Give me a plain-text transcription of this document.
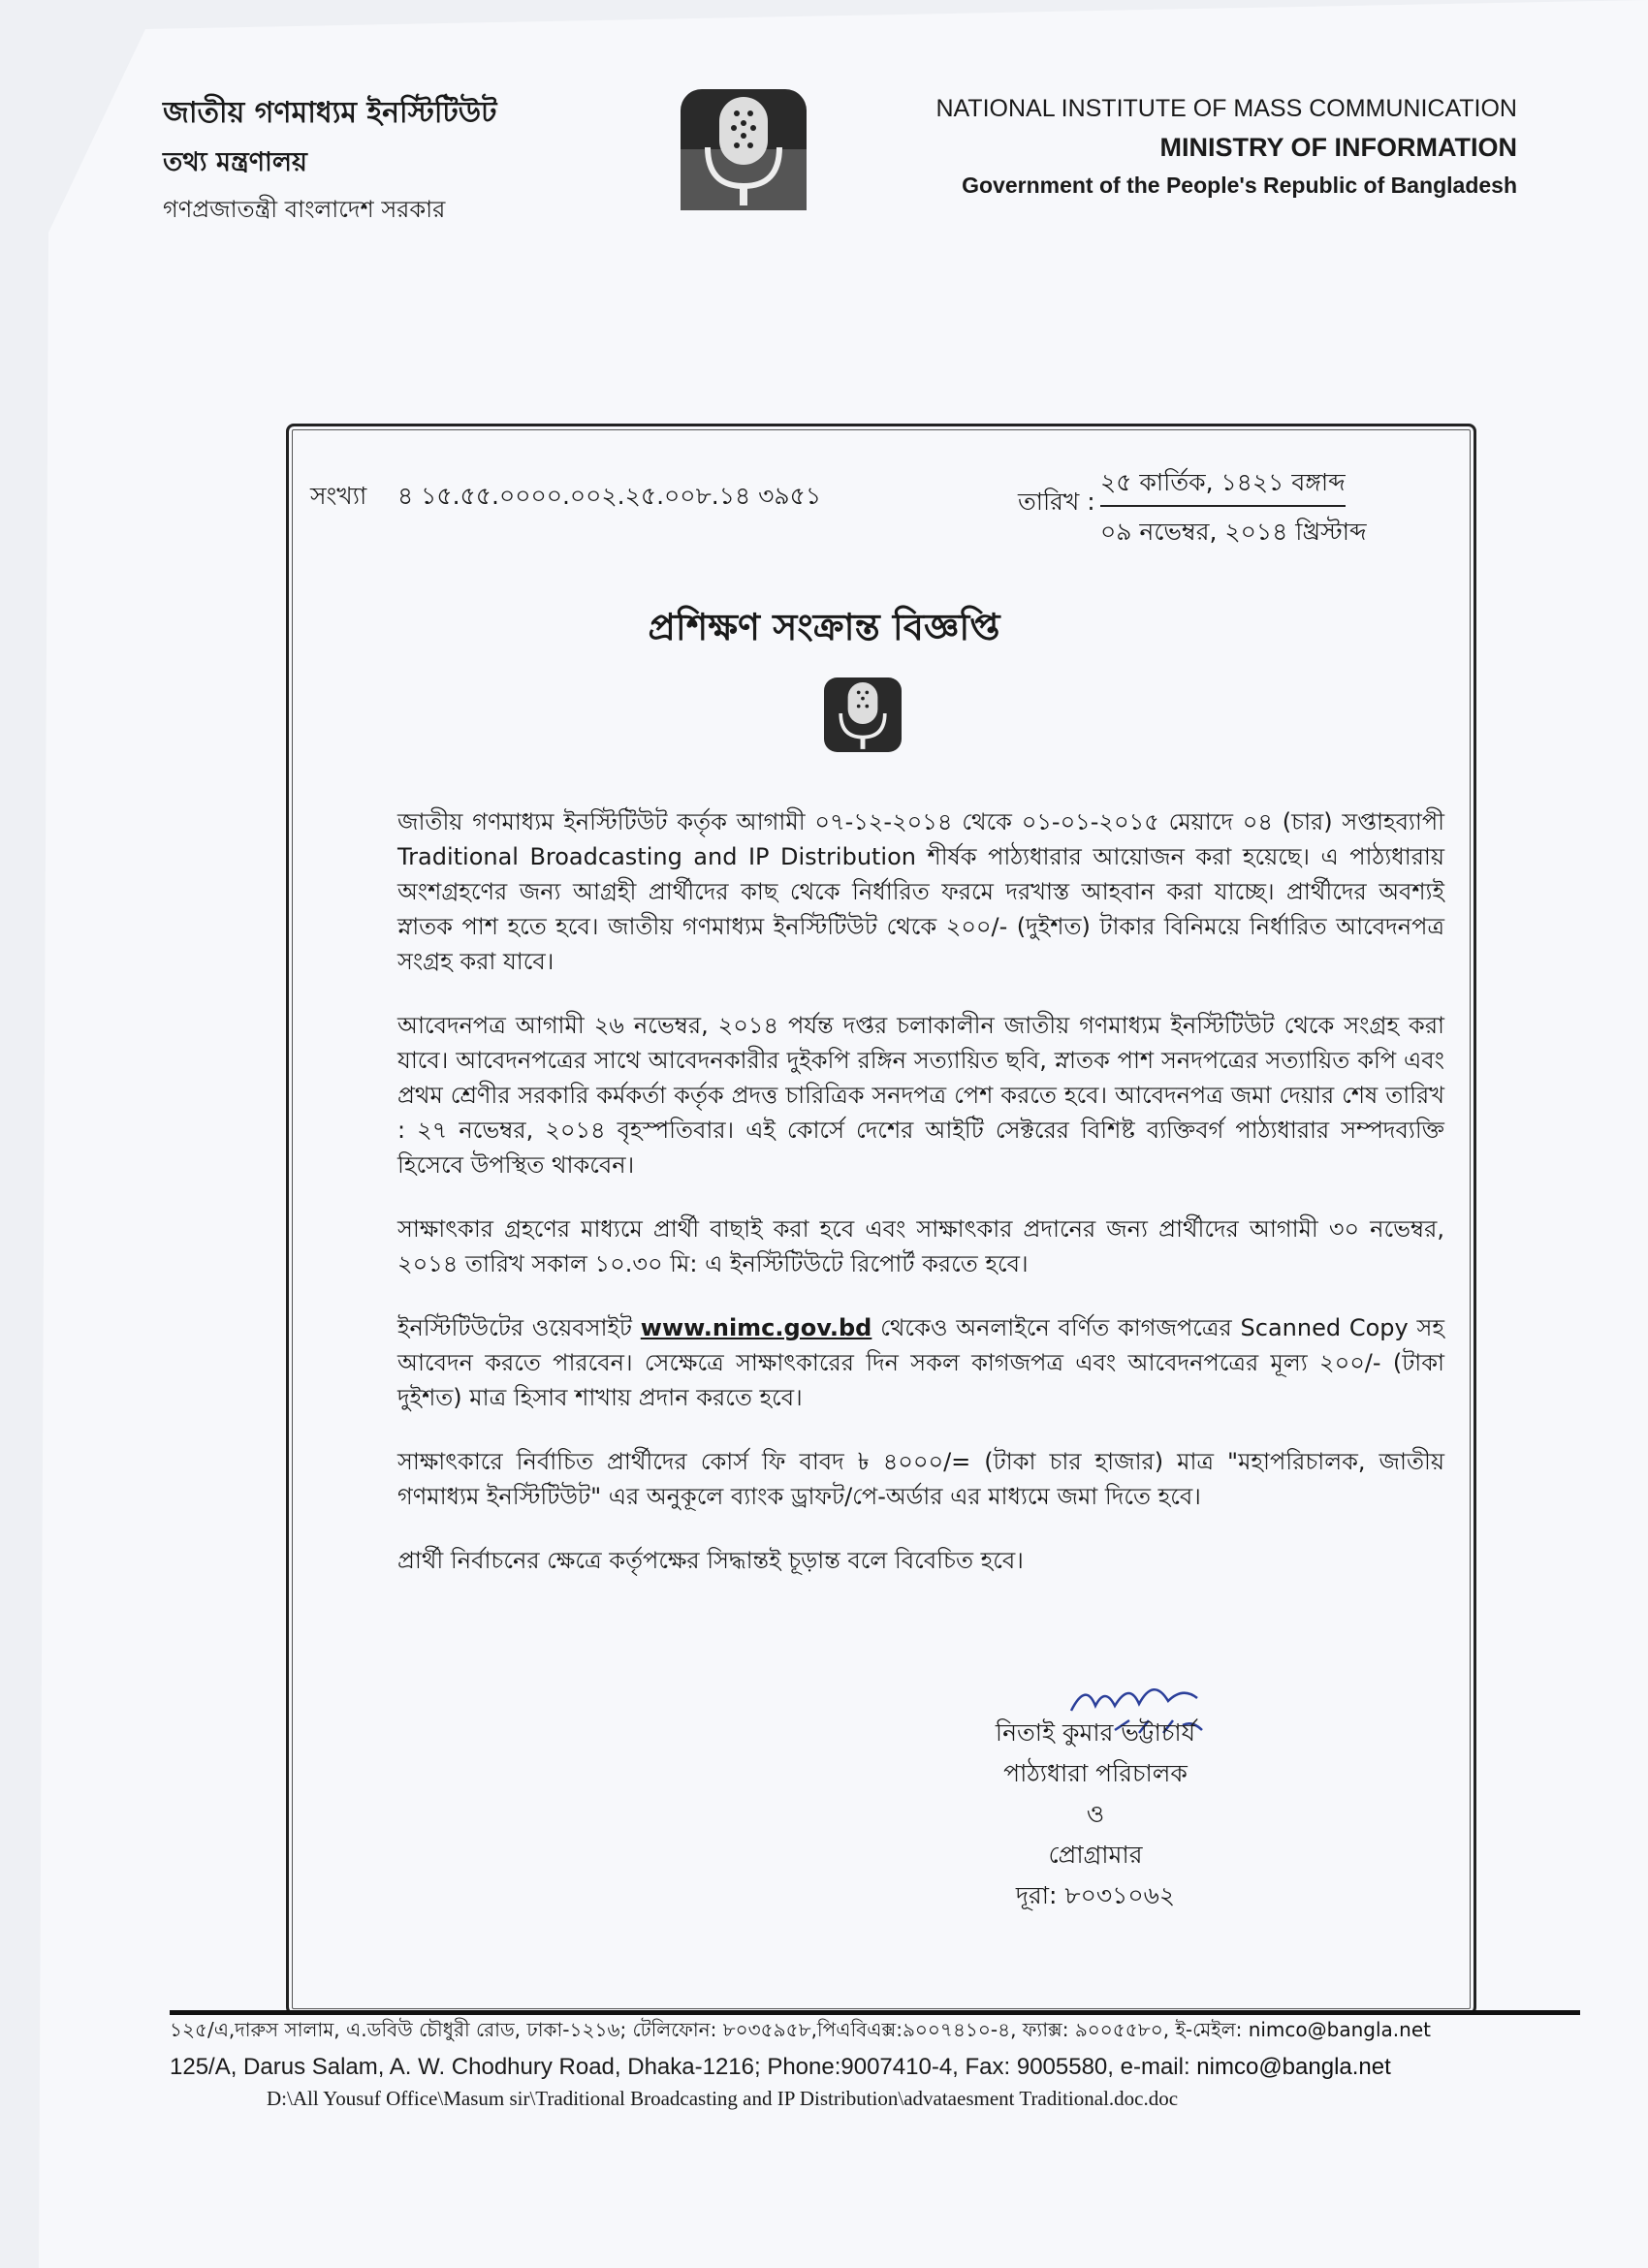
জাতীয় গণমাধ্যম ইনস্টিটিউট
তথ্য মন্ত্রণালয়
গণপ্রজাতন্ত্রী বাংলাদেশ সরকার
NATIONAL INSTITUTE OF MASS COMMUNICATION
MINISTRY OF INFORMATION
Government of the People's Republic of Bangladesh
সংখ্যা ৪ ১৫.৫৫.০০০০.০০২.২৫.০০৮.১৪ ৩৯৫১	২৫ কার্তিক, ১৪২১ বঙ্গাব্দ
তারিখ :
০৯ নভেম্বর, ২০১৪ খ্রিস্টাব্দ
প্রশিক্ষণ সংক্রান্ত বিজ্ঞপ্তি

জাতীয় গণমাধ্যম ইনস্টিটিউট কর্তৃক আগামী ০৭-১২-২০১৪ থেকে ০১-০১-২০১৫ মেয়াদে ০৪ (চার) সপ্তাহব্যাপী Traditional Broadcasting and IP Distribution শীর্ষক পাঠ্যধারার আয়োজন করা হয়েছে। এ পাঠ্যধারায় অংশগ্রহণের জন্য আগ্রহী প্রার্থীদের কাছ থেকে নির্ধারিত ফরমে দরখাস্ত আহবান করা যাচ্ছে। প্রার্থীদের অবশ্যই স্নাতক পাশ হতে হবে। জাতীয় গণমাধ্যম ইনস্টিটিউট থেকে ২০০/- (দুইশত) টাকার বিনিময়ে নির্ধারিত আবেদনপত্র সংগ্রহ করা যাবে।

আবেদনপত্র আগামী ২৬ নভেম্বর, ২০১৪ পর্যন্ত দপ্তর চলাকালীন জাতীয় গণমাধ্যম ইনস্টিটিউট থেকে সংগ্রহ করা যাবে। আবেদনপত্রের সাথে আবেদনকারীর দুইকপি রঙ্গিন সত্যায়িত ছবি, স্নাতক পাশ সনদপত্রের সত্যায়িত কপি এবং প্রথম শ্রেণীর সরকারি কর্মকর্তা কর্তৃক প্রদত্ত চারিত্রিক সনদপত্র পেশ করতে হবে। আবেদনপত্র জমা দেয়ার শেষ তারিখ : ২৭ নভেম্বর, ২০১৪ বৃহস্পতিবার। এই কোর্সে দেশের আইটি সেক্টরের বিশিষ্ট ব্যক্তিবর্গ পাঠ্যধারার সম্পদব্যক্তি হিসেবে উপস্থিত থাকবেন।

সাক্ষাৎকার গ্রহণের মাধ্যমে প্রার্থী বাছাই করা হবে এবং সাক্ষাৎকার প্রদানের জন্য প্রার্থীদের আগামী ৩০ নভেম্বর, ২০১৪ তারিখ সকাল ১০.৩০ মি: এ ইনস্টিটিউটে রিপোর্ট করতে হবে।

ইনস্টিটিউটের ওয়েবসাইট www.nimc.gov.bd থেকেও অনলাইনে বর্ণিত কাগজপত্রের Scanned Copy সহ আবেদন করতে পারবেন। সেক্ষেত্রে সাক্ষাৎকারের দিন সকল কাগজপত্র এবং আবেদনপত্রের মূল্য ২০০/- (টাকা দুইশত) মাত্র হিসাব শাখায় প্রদান করতে হবে।

সাক্ষাৎকারে নির্বাচিত প্রার্থীদের কোর্স ফি বাবদ ৳ ৪০০০/= (টাকা চার হাজার) মাত্র "মহাপরিচালক, জাতীয় গণমাধ্যম ইনস্টিটিউট" এর অনুকূলে ব্যাংক ড্রাফট/পে-অর্ডার এর মাধ্যমে জমা দিতে হবে।

প্রার্থী নির্বাচনের ক্ষেত্রে কর্তৃপক্ষের সিদ্ধান্তই চূড়ান্ত বলে বিবেচিত হবে।

নিতাই কুমার ভট্টাচার্য
পাঠ্যধারা পরিচালক
ও
প্রোগ্রামার
দূরা: ৮০৩১০৬২
১২৫/এ,দারুস সালাম, এ.ডবিউ চৌধুরী রোড, ঢাকা-১২১৬; টেলিফোন: ৮০৩৫৯৫৮,পিএবিএক্স:৯০০৭৪১০-৪, ফ্যাক্স: ৯০০৫৫৮০, ই-মেইল: nimco@bangla.net
125/A, Darus Salam, A. W. Chodhury Road, Dhaka-1216; Phone:9007410-4, Fax: 9005580, e-mail: nimco@bangla.net
D:\All Yousuf Office\Masum sir\Traditional Broadcasting and IP Distribution\advataesment Traditional.doc.doc
